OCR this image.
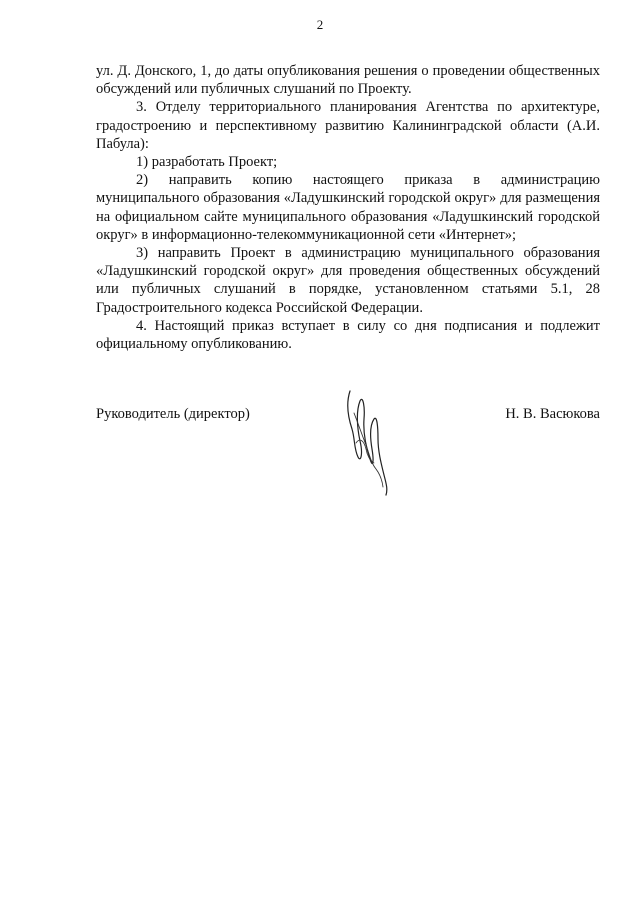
2

ул. Д. Донского, 1, до даты опубликования решения о проведении общественных обсуждений или публичных слушаний по Проекту.

3. Отделу территориального планирования Агентства по архитектуре, градостроению и перспективному развитию Калининградской области (А.И. Пабула):

1) разработать Проект;

2) направить копию настоящего приказа в администрацию муниципального образования «Ладушкинский городской округ» для размещения на официальном сайте муниципального образования «Ладушкинский городской округ» в информационно-телекоммуникационной сети «Интернет»;

3) направить Проект в администрацию муниципального образования «Ладушкинский городской округ» для проведения общественных обсуждений или публичных слушаний в порядке, установленном статьями 5.1, 28 Градостроительного кодекса Российской Федерации.

4. Настоящий приказ вступает в силу со дня подписания и подлежит официальному опубликованию.

Руководитель (директор)	Н. В. Васюкова
